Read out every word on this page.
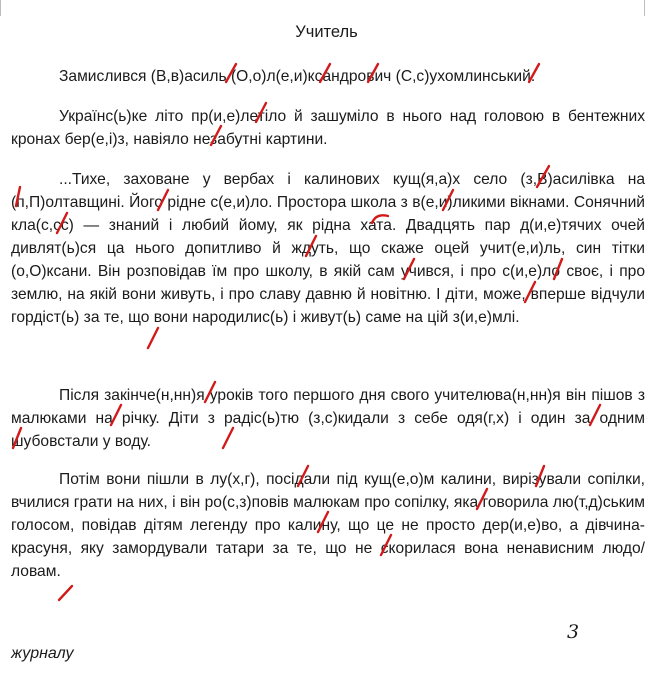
Учитель

Замислився (В,в)асиль (О,о)л(е,и)ксандрович (С,с)ухомлинський.

Украïнс(ь)ке літо пр(и,е)летіло й зашуміло в нього над головою в бентежних кронах бер(е,і)з, навіяло незабутні картини.

...Тихе, заховане у вербах і калинових кущ(я,а)х село (з,В)асилівка на (п,П)олтавщині. Його рідне с(е,и)ло. Простора школа з в(е,и)ликими вікнами. Сонячний кла(с,сс) — знаний і любий йому, як рідна хата. Двадцять пар д(и,е)тячих очей дивлят(ь)ся ца нього допитливо й ждуть, що скаже оцей учит(е,и)ль, син тітки (о,О)ксани. Він розповідав їм про школу, в якій сам учився, і про с(и,е)ло своє, і про землю, на якій вони живуть, і про славу давню й новітню. І діти, може, вперше відчули гордіст(ь) за те, що вони народилис(ь) і живут(ь) саме на цій з(и,е)млі.

Після закінче(н,нн)я уроків того першого дня свого учителюва(н,нн)я він пішов з малюками на річку. Діти з радіс(ь)тю (з,с)кидали з себе одя(г,х) і один за одним шубовстали у воду.

Потім вони пішли в лу(х,г), посідали під кущ(е,о)м калини, вирізували сопілки, вчилися грати на них, і він ро(с,з)повів малюкам про сопілку, яка говорила лю(т,д)ським голосом, повідав дітям легенду про калину, що це не просто дер(и,е)во, а дівчина-красуня, яку замордували татари за те, що не скорилася вона ненависним людо/ловам.

3
журналу
